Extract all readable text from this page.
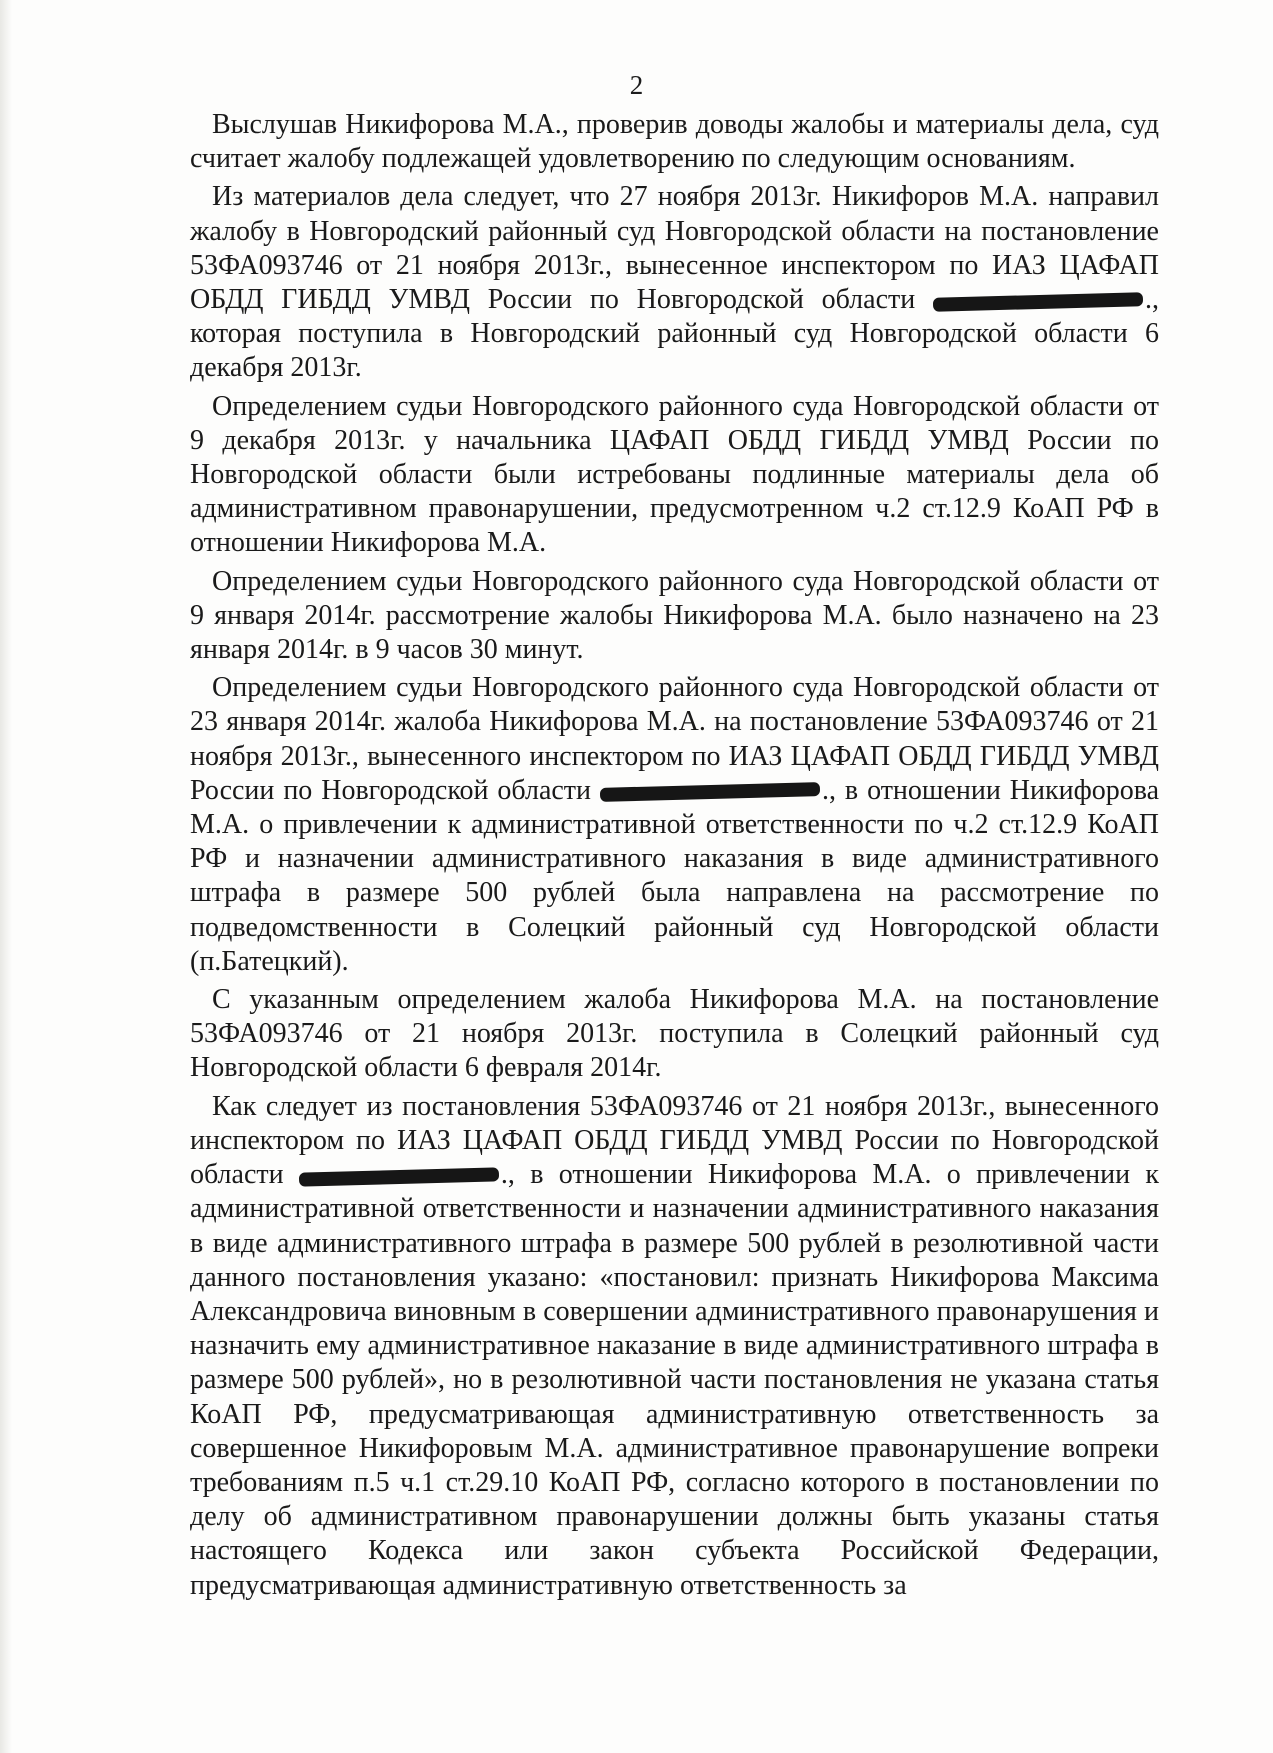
2

Выслушав Никифорова М.А., проверив доводы жалобы и материалы дела, суд считает жалобу подлежащей удовлетворению по следующим основаниям.

Из материалов дела следует, что 27 ноября 2013г. Никифоров М.А. направил жалобу в Новгородский районный суд Новгородской области на постановление 53ФА093746 от 21 ноября 2013г., вынесенное инспектором по ИАЗ ЦАФАП ОБДД ГИБДД УМВД России по Новгородской области	., которая поступила в Новгородский районный суд Новгородской области 6 декабря 2013г.

Определением судьи Новгородского районного суда Новгородской области от 9 декабря 2013г. у начальника ЦАФАП ОБДД ГИБДД УМВД России по Новгородской области были истребованы подлинные материалы дела об административном правонарушении, предусмотренном ч.2 ст.12.9 КоАП РФ в отношении Никифорова М.А.

Определением судьи Новгородского районного суда Новгородской области от 9 января 2014г. рассмотрение жалобы Никифорова М.А. было назначено на 23 января 2014г. в 9 часов 30 минут.

Определением судьи Новгородского районного суда Новгородской области от 23 января 2014г. жалоба Никифорова М.А. на постановление 53ФА093746 от 21 ноября 2013г., вынесенного инспектором по ИАЗ ЦАФАП ОБДД ГИБДД УМВД России по Новгородской области	., в отношении Никифорова М.А. о привлечении к административной ответственности по ч.2 ст.12.9 КоАП РФ и назначении административного наказания в виде административного штрафа в размере 500 рублей была направлена на рассмотрение по подведомственности в Солецкий районный суд Новгородской области (п.Батецкий).

С указанным определением жалоба Никифорова М.А. на постановление 53ФА093746 от 21 ноября 2013г. поступила в Солецкий районный суд Новгородской области 6 февраля 2014г.

Как следует из постановления 53ФА093746 от 21 ноября 2013г., вынесенного инспектором по ИАЗ ЦАФАП ОБДД ГИБДД УМВД России по Новгородской области	., в отношении Никифорова М.А. о привлечении к административной ответственности и назначении административного наказания в виде административного штрафа в размере 500 рублей в резолютивной части данного постановления указано: «постановил: признать Никифорова Максима Александровича виновным в совершении административного правонарушения и назначить ему административное наказание в виде административного штрафа в размере 500 рублей», но в резолютивной части постановления не указана статья КоАП РФ, предусматривающая административную ответственность за совершенное Никифоровым М.А. административное правонарушение вопреки требованиям п.5 ч.1 ст.29.10 КоАП РФ, согласно которого в постановлении по делу об административном правонарушении должны быть указаны статья настоящего Кодекса или закон субъекта Российской Федерации, предусматривающая административную ответственность за
